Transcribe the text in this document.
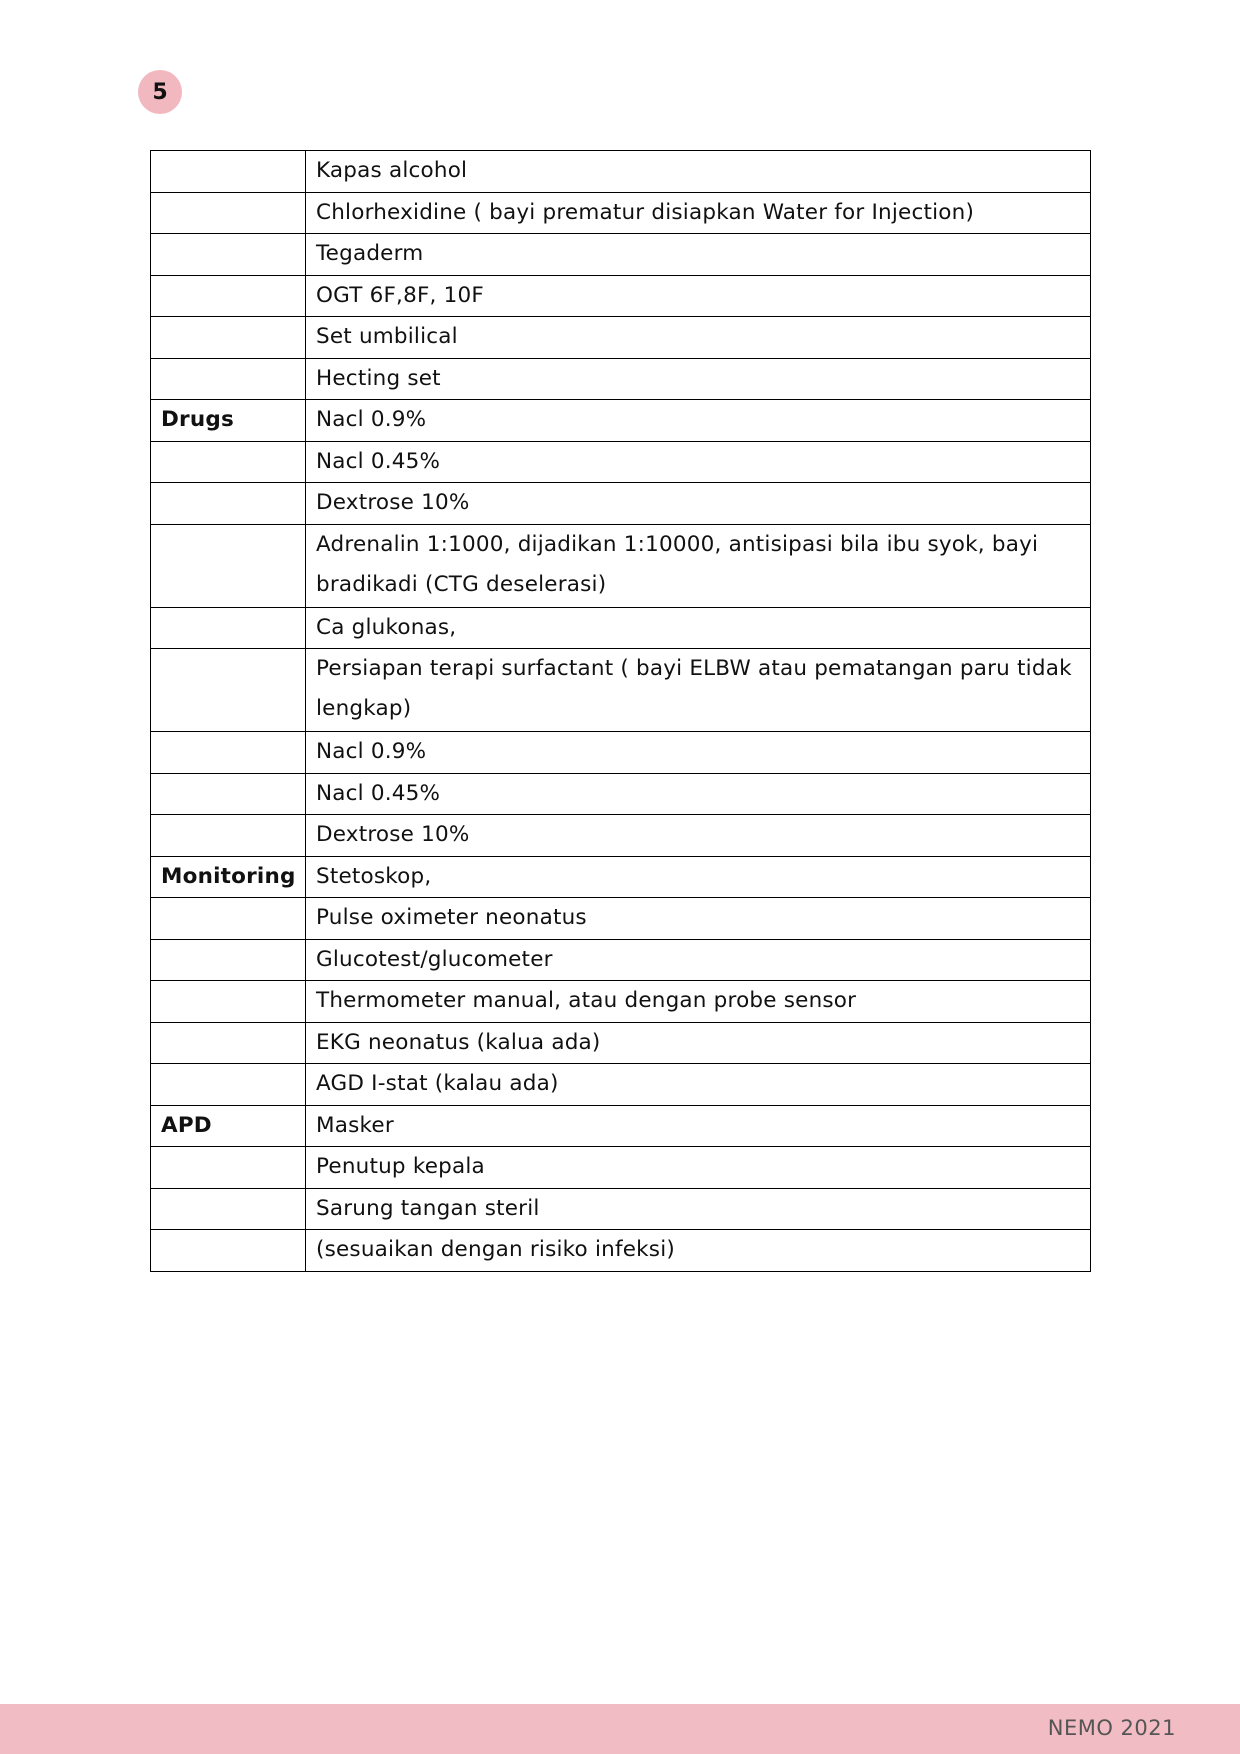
5
	Kapas alcohol
	Chlorhexidine ( bayi prematur disiapkan Water for Injection)
	Tegaderm
	OGT 6F,8F, 10F
	Set umbilical
	Hecting set
Drugs	Nacl 0.9%
	Nacl 0.45%
	Dextrose 10%
	Adrenalin 1:1000, dijadikan 1:10000, antisipasi bila ibu syok, bayi bradikadi (CTG deselerasi)
	Ca glukonas,
	Persiapan terapi surfactant ( bayi ELBW atau pematangan paru tidak lengkap)
	Nacl 0.9%
	Nacl 0.45%
	Dextrose 10%
Monitoring	Stetoskop,
	Pulse oximeter neonatus
	Glucotest/glucometer
	Thermometer manual, atau dengan probe sensor
	EKG neonatus (kalua ada)
	AGD I-stat (kalau ada)
APD	Masker
	Penutup kepala
	Sarung tangan steril
	(sesuaikan dengan risiko infeksi)
NEMO 2021
